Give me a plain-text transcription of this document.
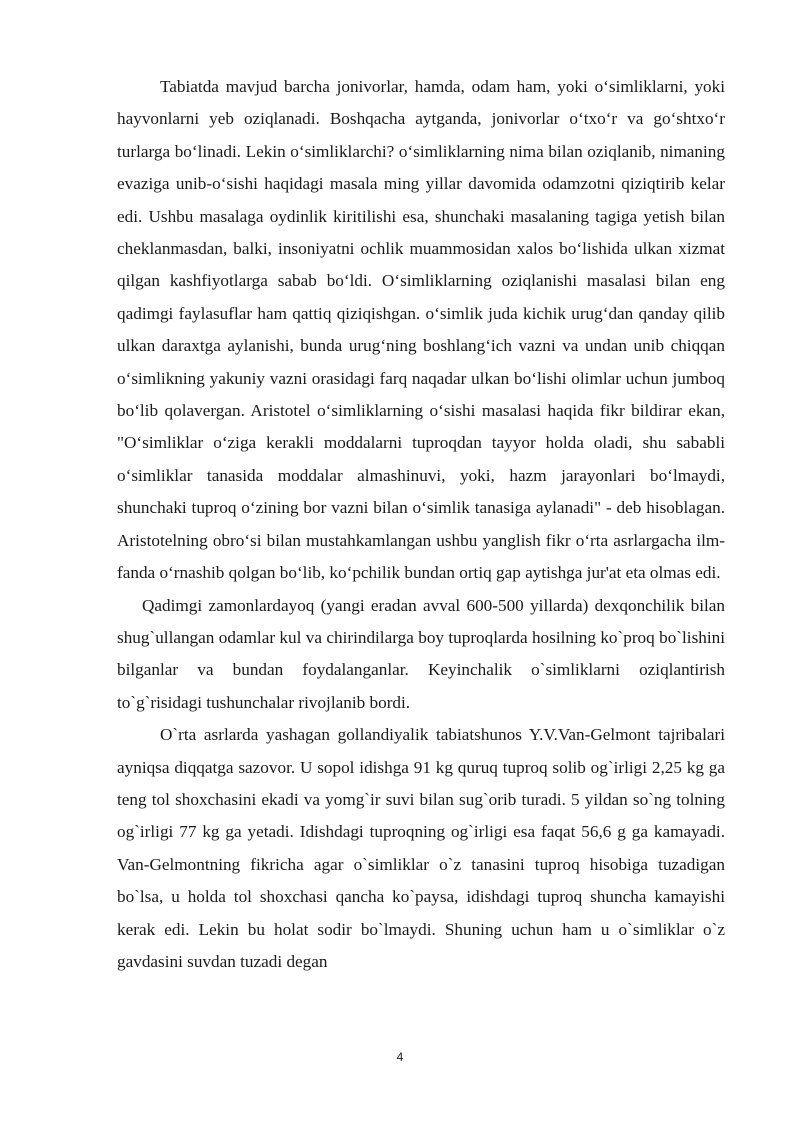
Tabiatda mavjud barcha jonivorlar, hamda, odam ham, yoki o‘simliklarni, yoki hayvonlarni yeb oziqlanadi. Boshqacha aytganda, jonivorlar o‘txo‘r va go‘shtxo‘r turlarga bo‘linadi. Lekin o‘simliklarchi? o‘simliklarning nima bilan oziqlanib, nimaning evaziga unib-o‘sishi haqidagi masala ming yillar davomida odamzotni qiziqtirib kelar edi. Ushbu masalaga oydinlik kiritilishi esa, shunchaki masalaning tagiga yetish bilan cheklanmasdan, balki, insoniyatni ochlik muammosidan xalos bo‘lishida ulkan xizmat qilgan kashfiyotlarga sabab bo‘ldi. O‘simliklarning oziqlanishi masalasi bilan eng qadimgi faylasuflar ham qattiq qiziqishgan. o‘simlik juda kichik urug‘dan qanday qilib ulkan daraxtga aylanishi, bunda urug‘ning boshlang‘ich vazni va undan unib chiqqan o‘simlikning yakuniy vazni orasidagi farq naqadar ulkan bo‘lishi olimlar uchun jumboq bo‘lib qolavergan. Aristotel o‘simliklarning o‘sishi masalasi haqida fikr bildirar ekan, "O‘simliklar o‘ziga kerakli moddalarni tuproqdan tayyor holda oladi, shu sababli o‘simliklar tanasida moddalar almashinuvi, yoki, hazm jarayonlari bo‘lmaydi, shunchaki tuproq o‘zining bor vazni bilan o‘simlik tanasiga aylanadi" - deb hisoblagan. Aristotelning obro‘si bilan mustahkamlangan ushbu yanglish fikr o‘rta asrlargacha ilm-fanda o‘rnashib qolgan bo‘lib, ko‘pchilik bundan ortiq gap aytishga jur'at eta olmas edi.

Qadimgi zamonlardayoq (yangi eradan avval 600-500 yillarda) dexqonchilik bilan shug`ullangan odamlar kul va chirindilarga boy tuproqlarda hosilning ko`proq bo`lishini bilganlar va bundan foydalanganlar. Keyinchalik o`simliklarni oziqlantirish to`g`risidagi tushunchalar rivojlanib bordi.

O`rta asrlarda yashagan gollandiyalik tabiatshunos Y.V.Van-Gelmont tajribalari ayniqsa diqqatga sazovor. U sopol idishga 91 kg quruq tuproq solib og`irligi 2,25 kg ga teng tol shoxchasini ekadi va yomg`ir suvi bilan sug`orib turadi. 5 yildan so`ng tolning og`irligi 77 kg ga yetadi. Idishdagi tuproqning og`irligi esa faqat 56,6 g ga kamayadi. Van-Gelmontning fikricha agar o`simliklar o`z tanasini tuproq hisobiga tuzadigan bo`lsa, u holda tol shoxchasi qancha ko`paysa, idishdagi tuproq shuncha kamayishi kerak edi. Lekin bu holat sodir bo`lmaydi. Shuning uchun ham u o`simliklar o`z gavdasini suvdan tuzadi degan

4
